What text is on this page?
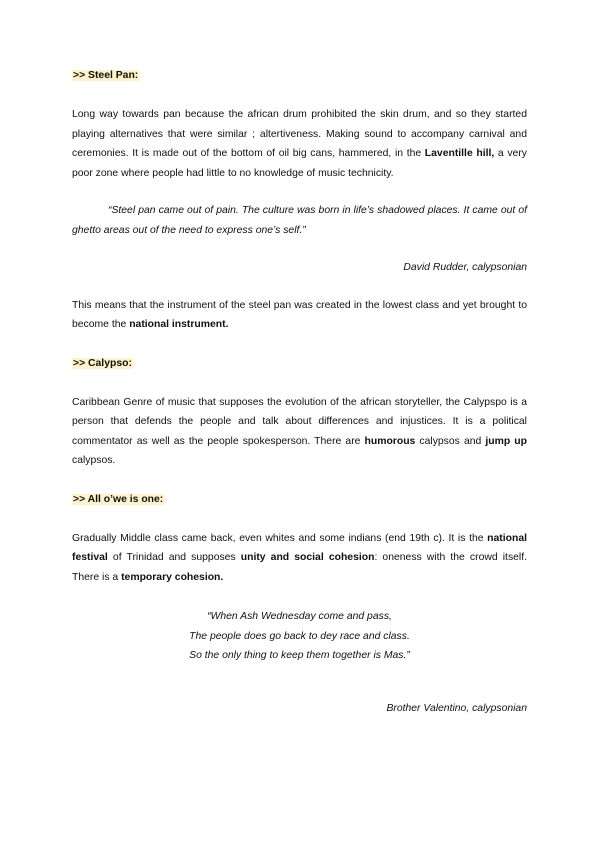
>> Steel Pan:

Long way towards pan because the african drum prohibited the skin drum, and so they started playing alternatives that were similar ; altertiveness. Making sound to accompany carnival and ceremonies. It is made out of the bottom of oil big cans, hammered, in the Laventille hill, a very poor zone where people had little to no knowledge of music technicity.

“Steel pan came out of pain. The culture was born in life’s shadowed places. It came out of ghetto areas out of the need to express one’s self.”

David Rudder, calypsonian

This means that the instrument of the steel pan was created in the lowest class and yet brought to become the national instrument.

>> Calypso:

Caribbean Genre of music that supposes the evolution of the african storyteller, the Calypspo is a person that defends the people and talk about differences and injustices. It is a political commentator as well as the people spokesperson. There are humorous calypsos and jump up calypsos.

>> All o’we is one:

Gradually Middle class came back, even whites and some indians (end 19th c). It is the national festival of Trinidad and supposes unity and social cohesion: oneness with the crowd itself. There is a temporary cohesion.

“When Ash Wednesday come and pass,

The people does go back to dey race and class.

So the only thing to keep them together is Mas.”

Brother Valentino, calypsonian
